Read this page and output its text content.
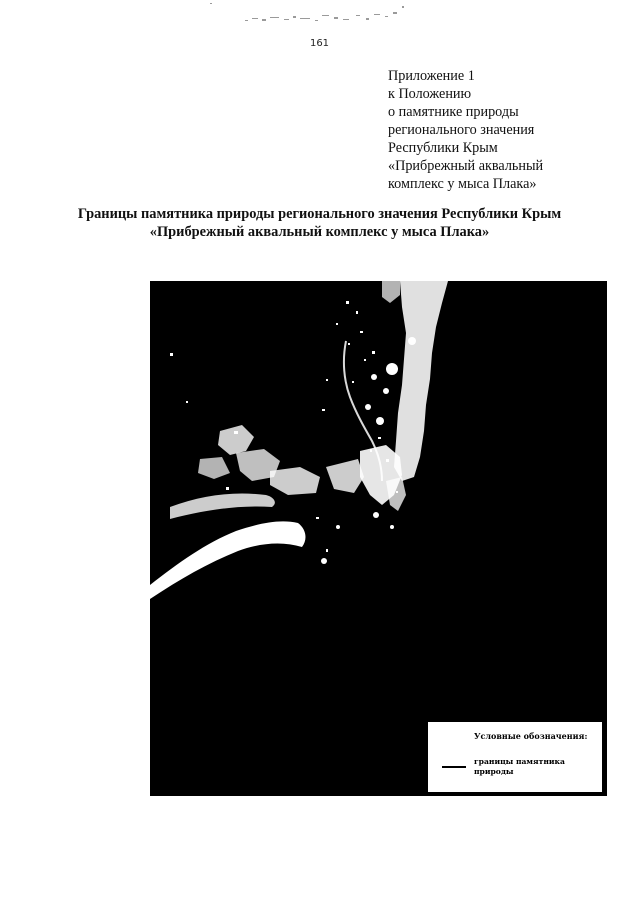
161
Приложение 1
к Положению
о памятнике природы
регионального значения
Республики Крым
«Прибрежный аквальный
комплекс у мыса Плака»
Границы памятника природы регионального значения Республики Крым
«Прибрежный аквальный комплекс у мыса Плака»
Условные обозначения:
границы памятника природы
